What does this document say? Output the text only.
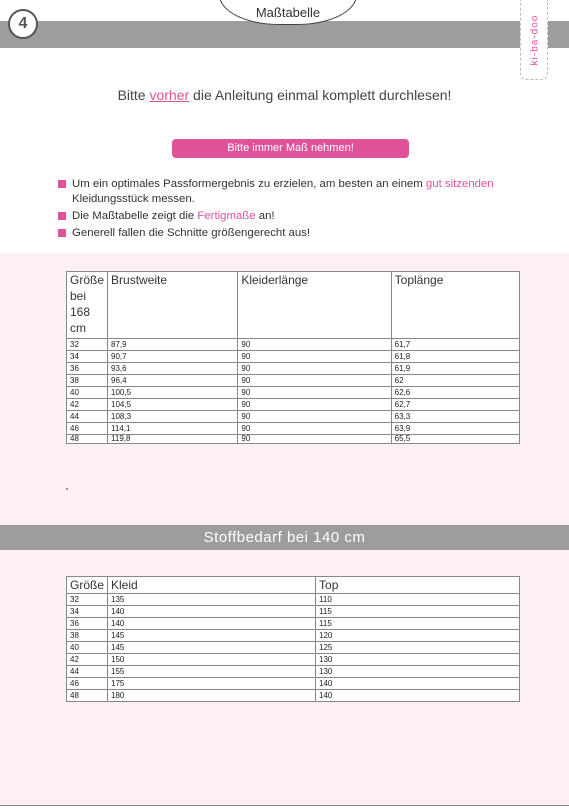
4
Maßtabelle
ki-ba-doo
Bitte vorher die Anleitung einmal komplett durchlesen!
Bitte immer Maß nehmen!
Um ein optimales Passformergebnis zu erzielen, am besten an einem gut sitzenden Kleidungsstück messen.
Die Maßtabelle zeigt die Fertigmaße an!
Generell fallen die Schnitte größengerecht aus!
Größe bei 168 cm	Brustweite	Kleiderlänge	Toplänge
32	87,9	90	61,7
34	90,7	90	61,8
36	93,6	90	61,9
38	96,4	90	62
40	100,5	90	62,6
42	104,5	90	62,7
44	108,3	90	63,3
46	114,1	90	63,9
48	119,8	90	65,5
Stoffbedarf bei 140 cm
Größe	Kleid	Top
32	135	110
34	140	115
36	140	115
38	145	120
40	145	125
42	150	130
44	155	130
46	175	140
48	180	140
